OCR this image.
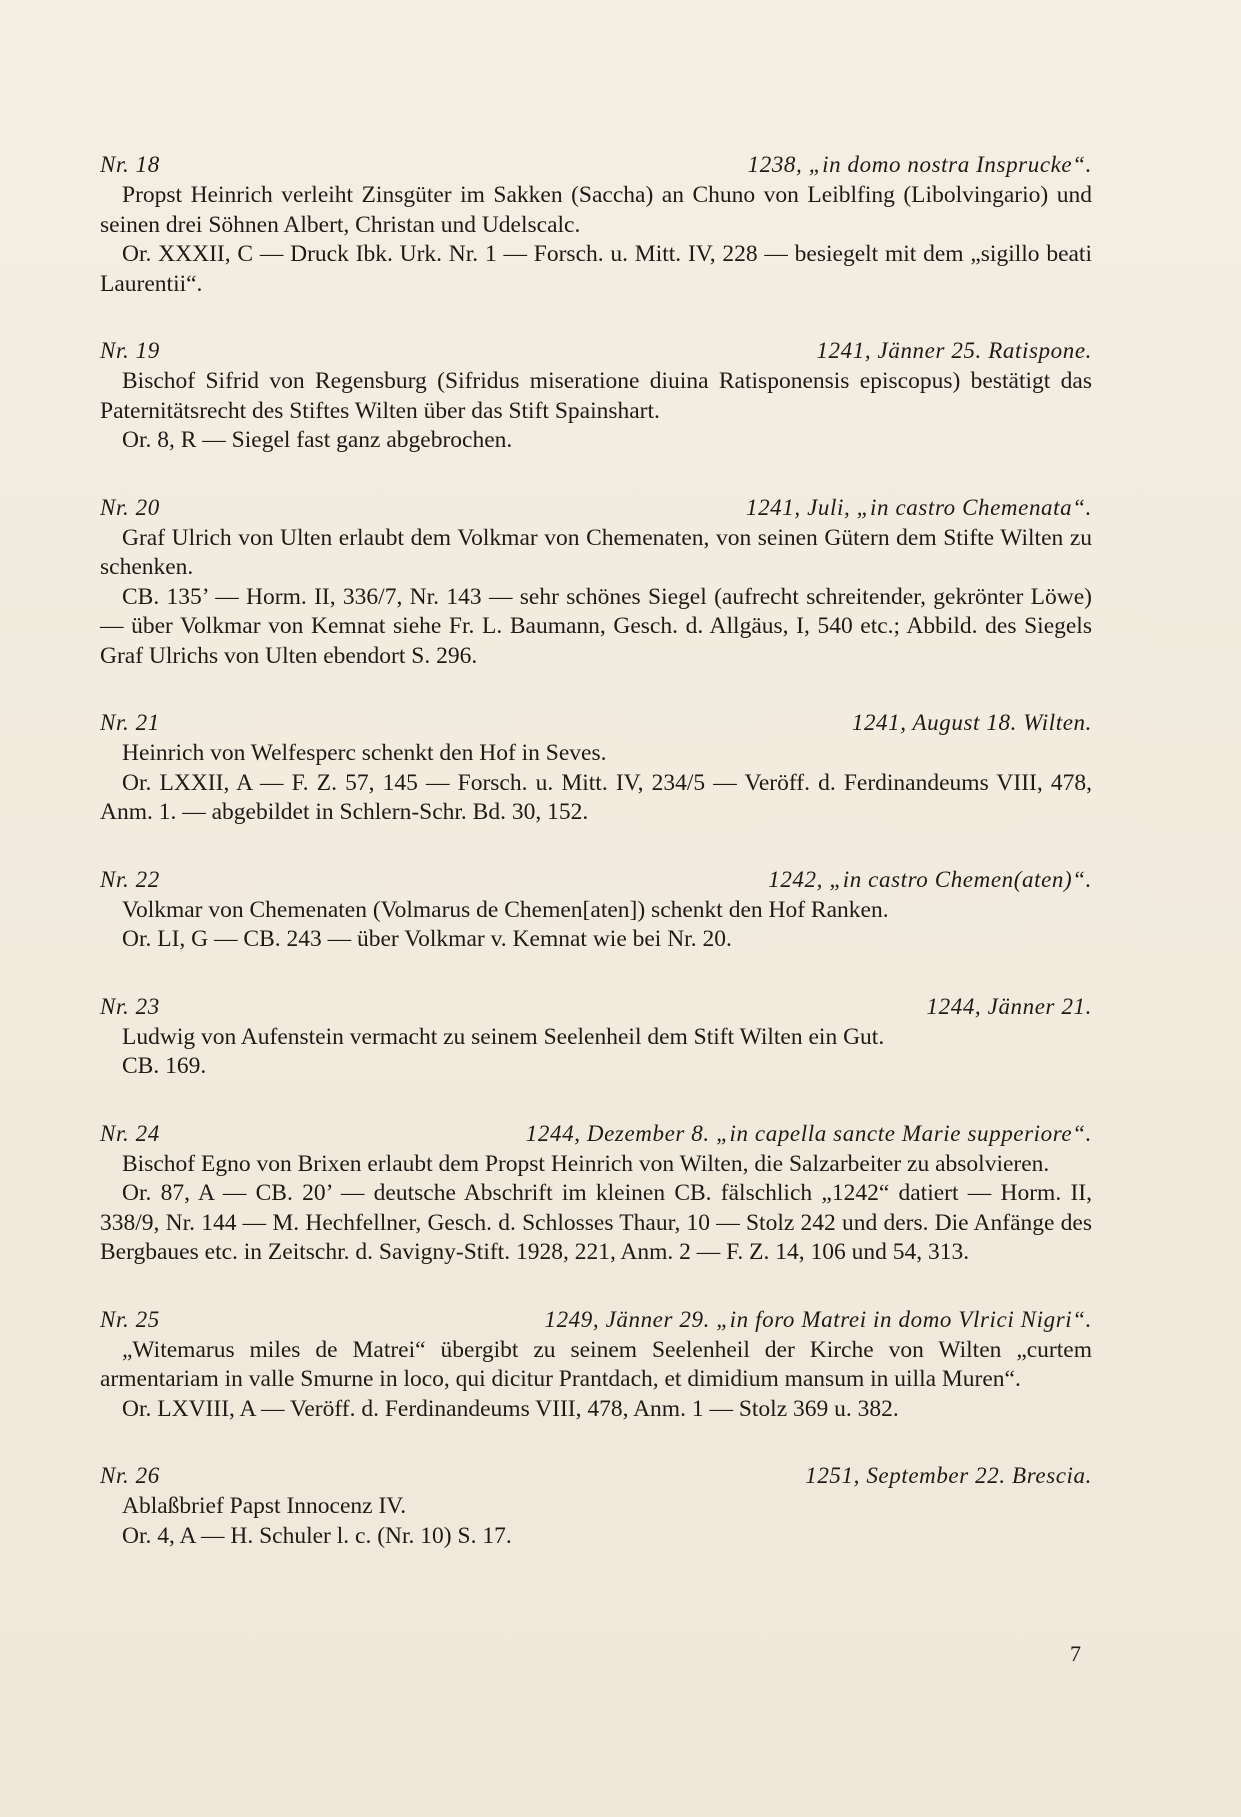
Nr. 18	1238, „in domo nostra Insprucke“.

Propst Heinrich verleiht Zinsgüter im Sakken (Saccha) an Chuno von Leiblfing (Libolvingario) und seinen drei Söhnen Albert, Christan und Udelscalc.

Or. XXXII, C — Druck Ibk. Urk. Nr. 1 — Forsch. u. Mitt. IV, 228 — besiegelt mit dem „sigillo beati Laurentii“.

Nr. 19	1241, Jänner 25. Ratispone.

Bischof Sifrid von Regensburg (Sifridus miseratione diuina Ratisponensis episcopus) bestätigt das Paternitätsrecht des Stiftes Wilten über das Stift Spainshart.

Or. 8, R — Siegel fast ganz abgebrochen.

Nr. 20	1241, Juli, „in castro Chemenata“.

Graf Ulrich von Ulten erlaubt dem Volkmar von Chemenaten, von seinen Gütern dem Stifte Wilten zu schenken.

CB. 135’ — Horm. II, 336/7, Nr. 143 — sehr schönes Siegel (aufrecht schreitender, gekrönter Löwe) — über Volkmar von Kemnat siehe Fr. L. Baumann, Gesch. d. Allgäus, I, 540 etc.; Abbild. des Siegels Graf Ulrichs von Ulten ebendort S. 296.

Nr. 21	1241, August 18. Wilten.

Heinrich von Welfesperc schenkt den Hof in Seves.

Or. LXXII, A — F. Z. 57, 145 — Forsch. u. Mitt. IV, 234/5 — Veröff. d. Ferdinandeums VIII, 478, Anm. 1. — abgebildet in Schlern-Schr. Bd. 30, 152.

Nr. 22	1242, „in castro Chemen(aten)“.

Volkmar von Chemenaten (Volmarus de Chemen[aten]) schenkt den Hof Ranken.

Or. LI, G — CB. 243 — über Volkmar v. Kemnat wie bei Nr. 20.

Nr. 23	1244, Jänner 21.

Ludwig von Aufenstein vermacht zu seinem Seelenheil dem Stift Wilten ein Gut.

CB. 169.

Nr. 24	1244, Dezember 8. „in capella sancte Marie supperiore“.

Bischof Egno von Brixen erlaubt dem Propst Heinrich von Wilten, die Salzarbeiter zu absolvieren.

Or. 87, A — CB. 20’ — deutsche Abschrift im kleinen CB. fälschlich „1242“ datiert — Horm. II, 338/9, Nr. 144 — M. Hechfellner, Gesch. d. Schlosses Thaur, 10 — Stolz 242 und ders. Die Anfänge des Bergbaues etc. in Zeitschr. d. Savigny-Stift. 1928, 221, Anm. 2 — F. Z. 14, 106 und 54, 313.

Nr. 25	1249, Jänner 29. „in foro Matrei in domo Vlrici Nigri“.

„Witemarus miles de Matrei“ übergibt zu seinem Seelenheil der Kirche von Wilten „curtem armentariam in valle Smurne in loco, qui dicitur Prantdach, et dimidium mansum in uilla Muren“.

Or. LXVIII, A — Veröff. d. Ferdinandeums VIII, 478, Anm. 1 — Stolz 369 u. 382.

Nr. 26	1251, September 22. Brescia.

Ablaßbrief Papst Innocenz IV.

Or. 4, A — H. Schuler l. c. (Nr. 10) S. 17.

7
